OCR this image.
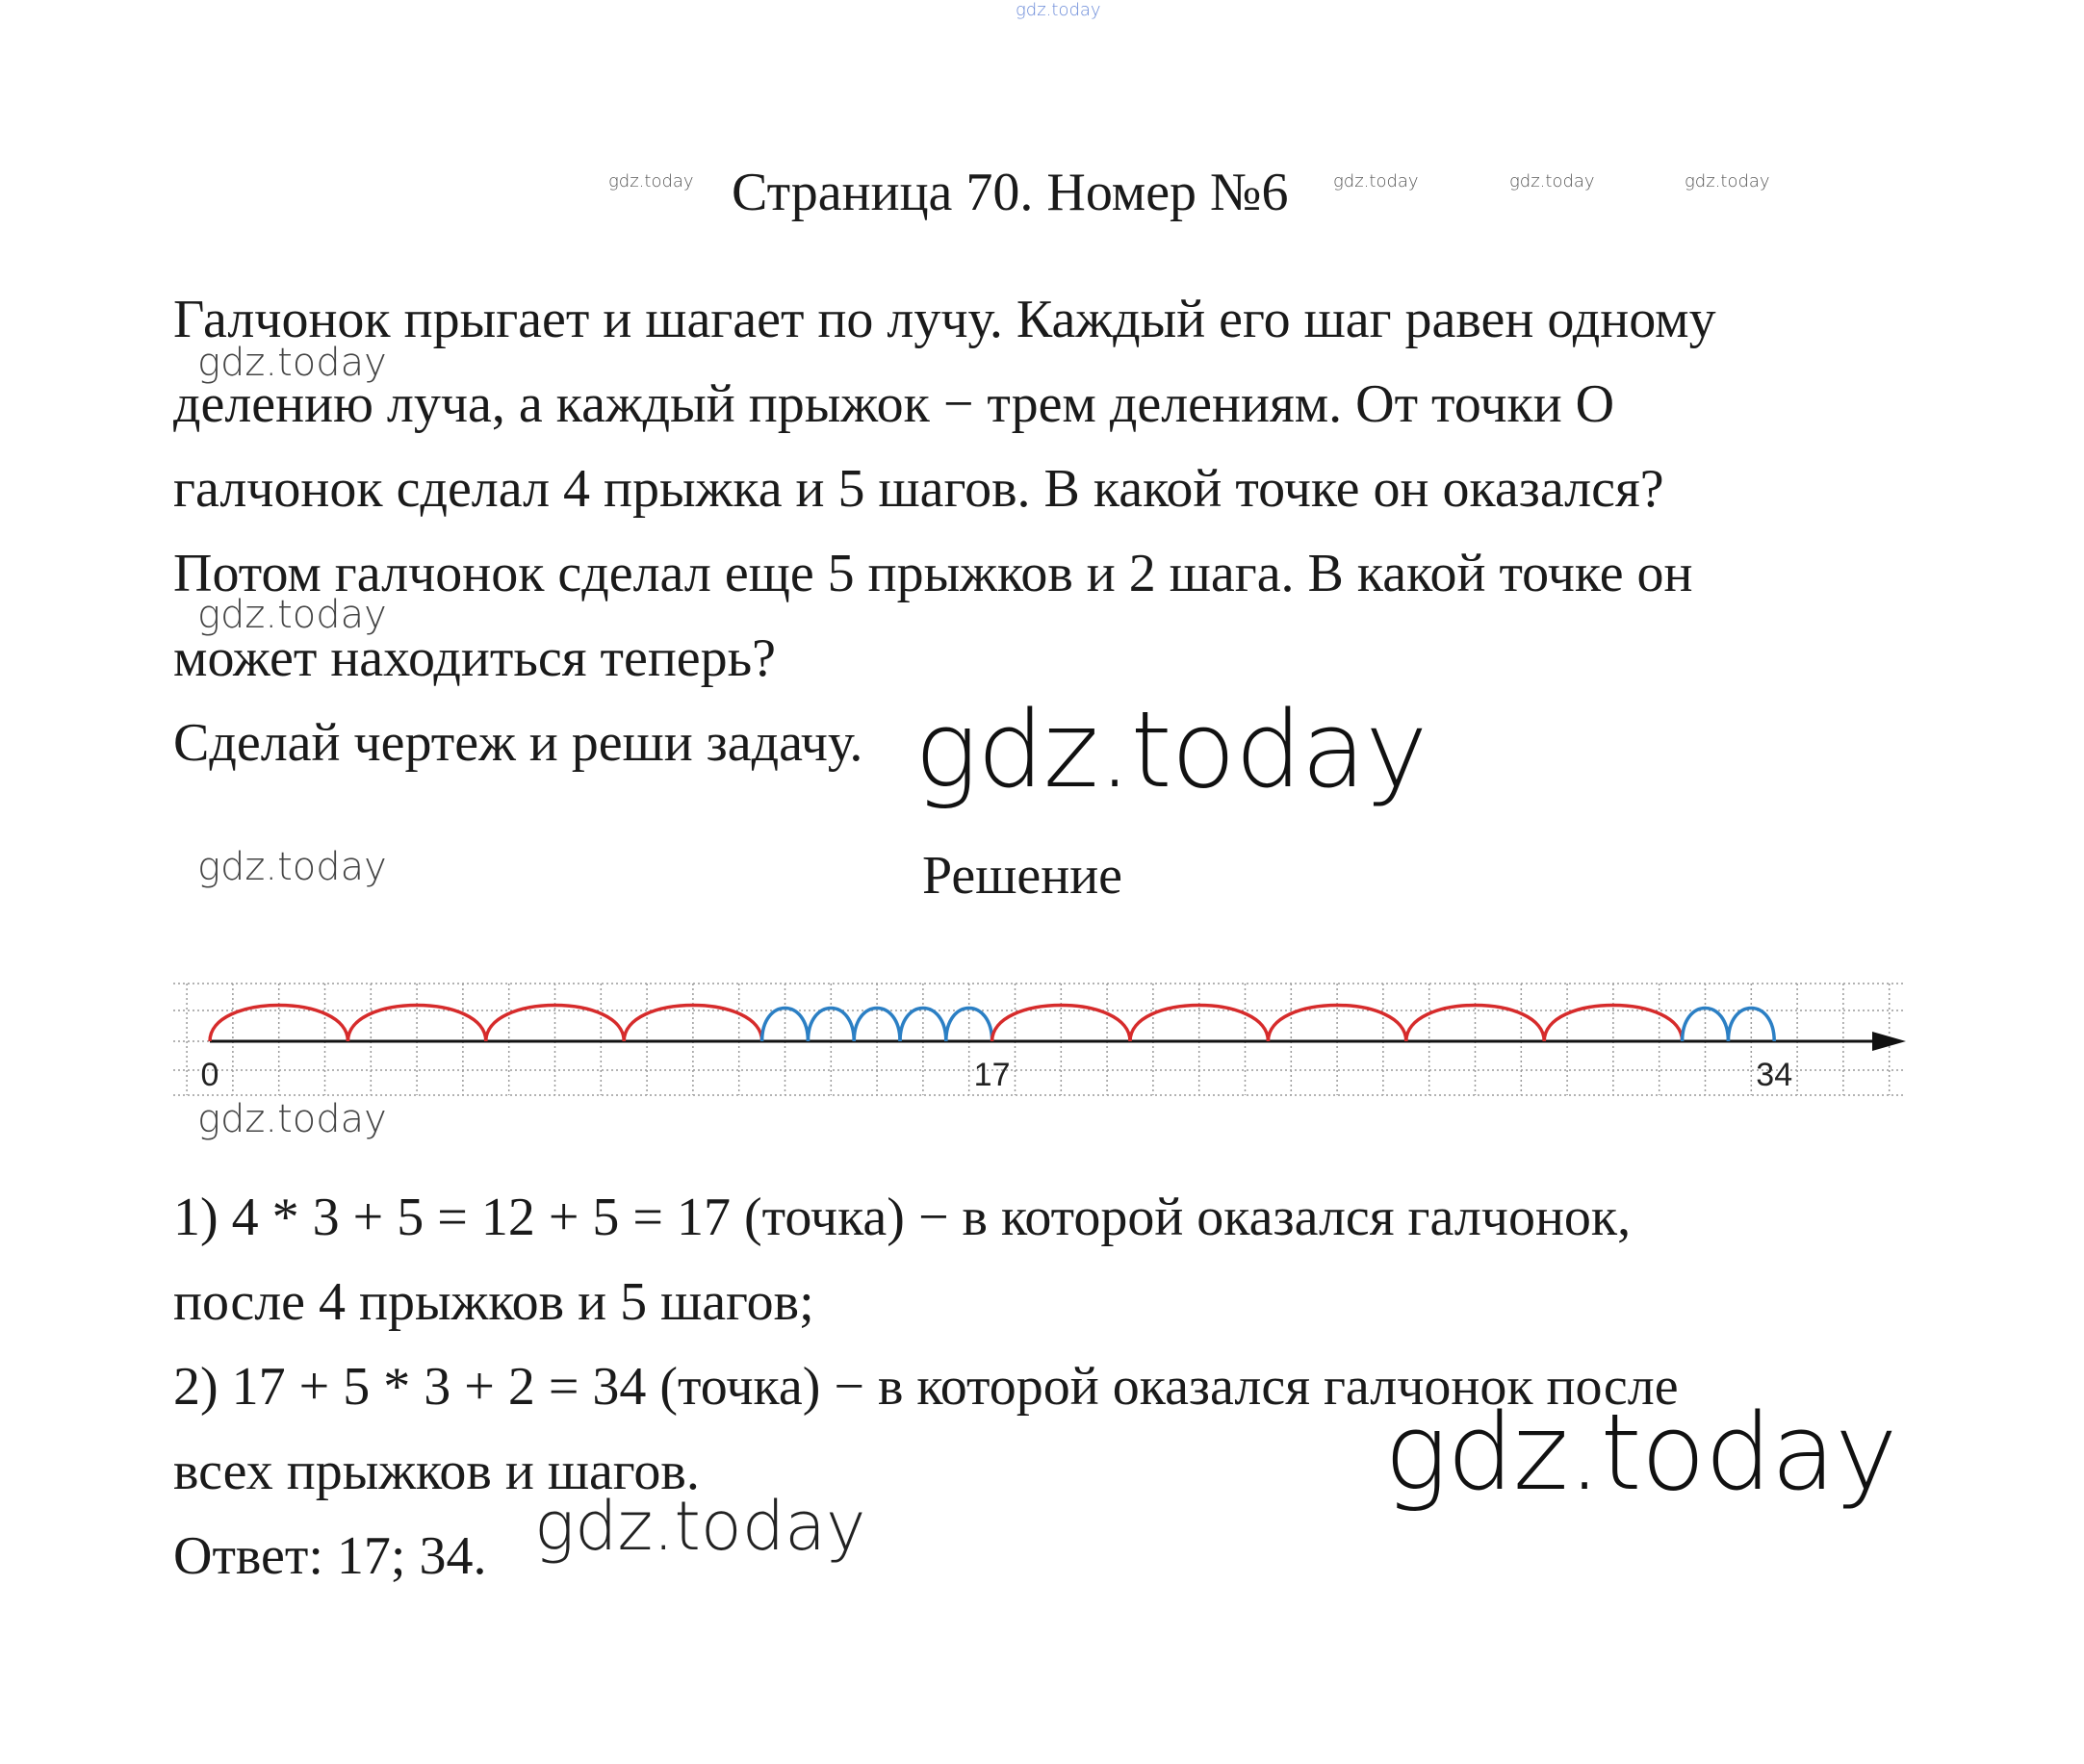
gdz.today
gdz.today	gdz.today	gdz.today	gdz.today
Страница 70. Номер №6
Галчонок прыгает и шагает по лучу. Каждый его шаг равен одному
делению луча, а каждый прыжок − трем делениям. От точки О
галчонок сделал 4 прыжка и 5 шагов. В какой точке он оказался?
Потом галчонок сделал еще 5 прыжков и 2 шага. В какой точке он
может находиться теперь?
Сделай чертеж и реши задачу.
gdz.today
gdz.today
gdz.today
gdz.today	Решение
0	17	34
gdz.today
1) 4 * 3 + 5 = 12 + 5 = 17 (точка) − в которой оказался галчонок,
после 4 прыжков и 5 шагов;
2) 17 + 5 * 3 + 2 = 34 (точка) − в которой оказался галчонок после
всех прыжков и шагов.
Ответ: 17; 34.
gdz.today
gdz.today
